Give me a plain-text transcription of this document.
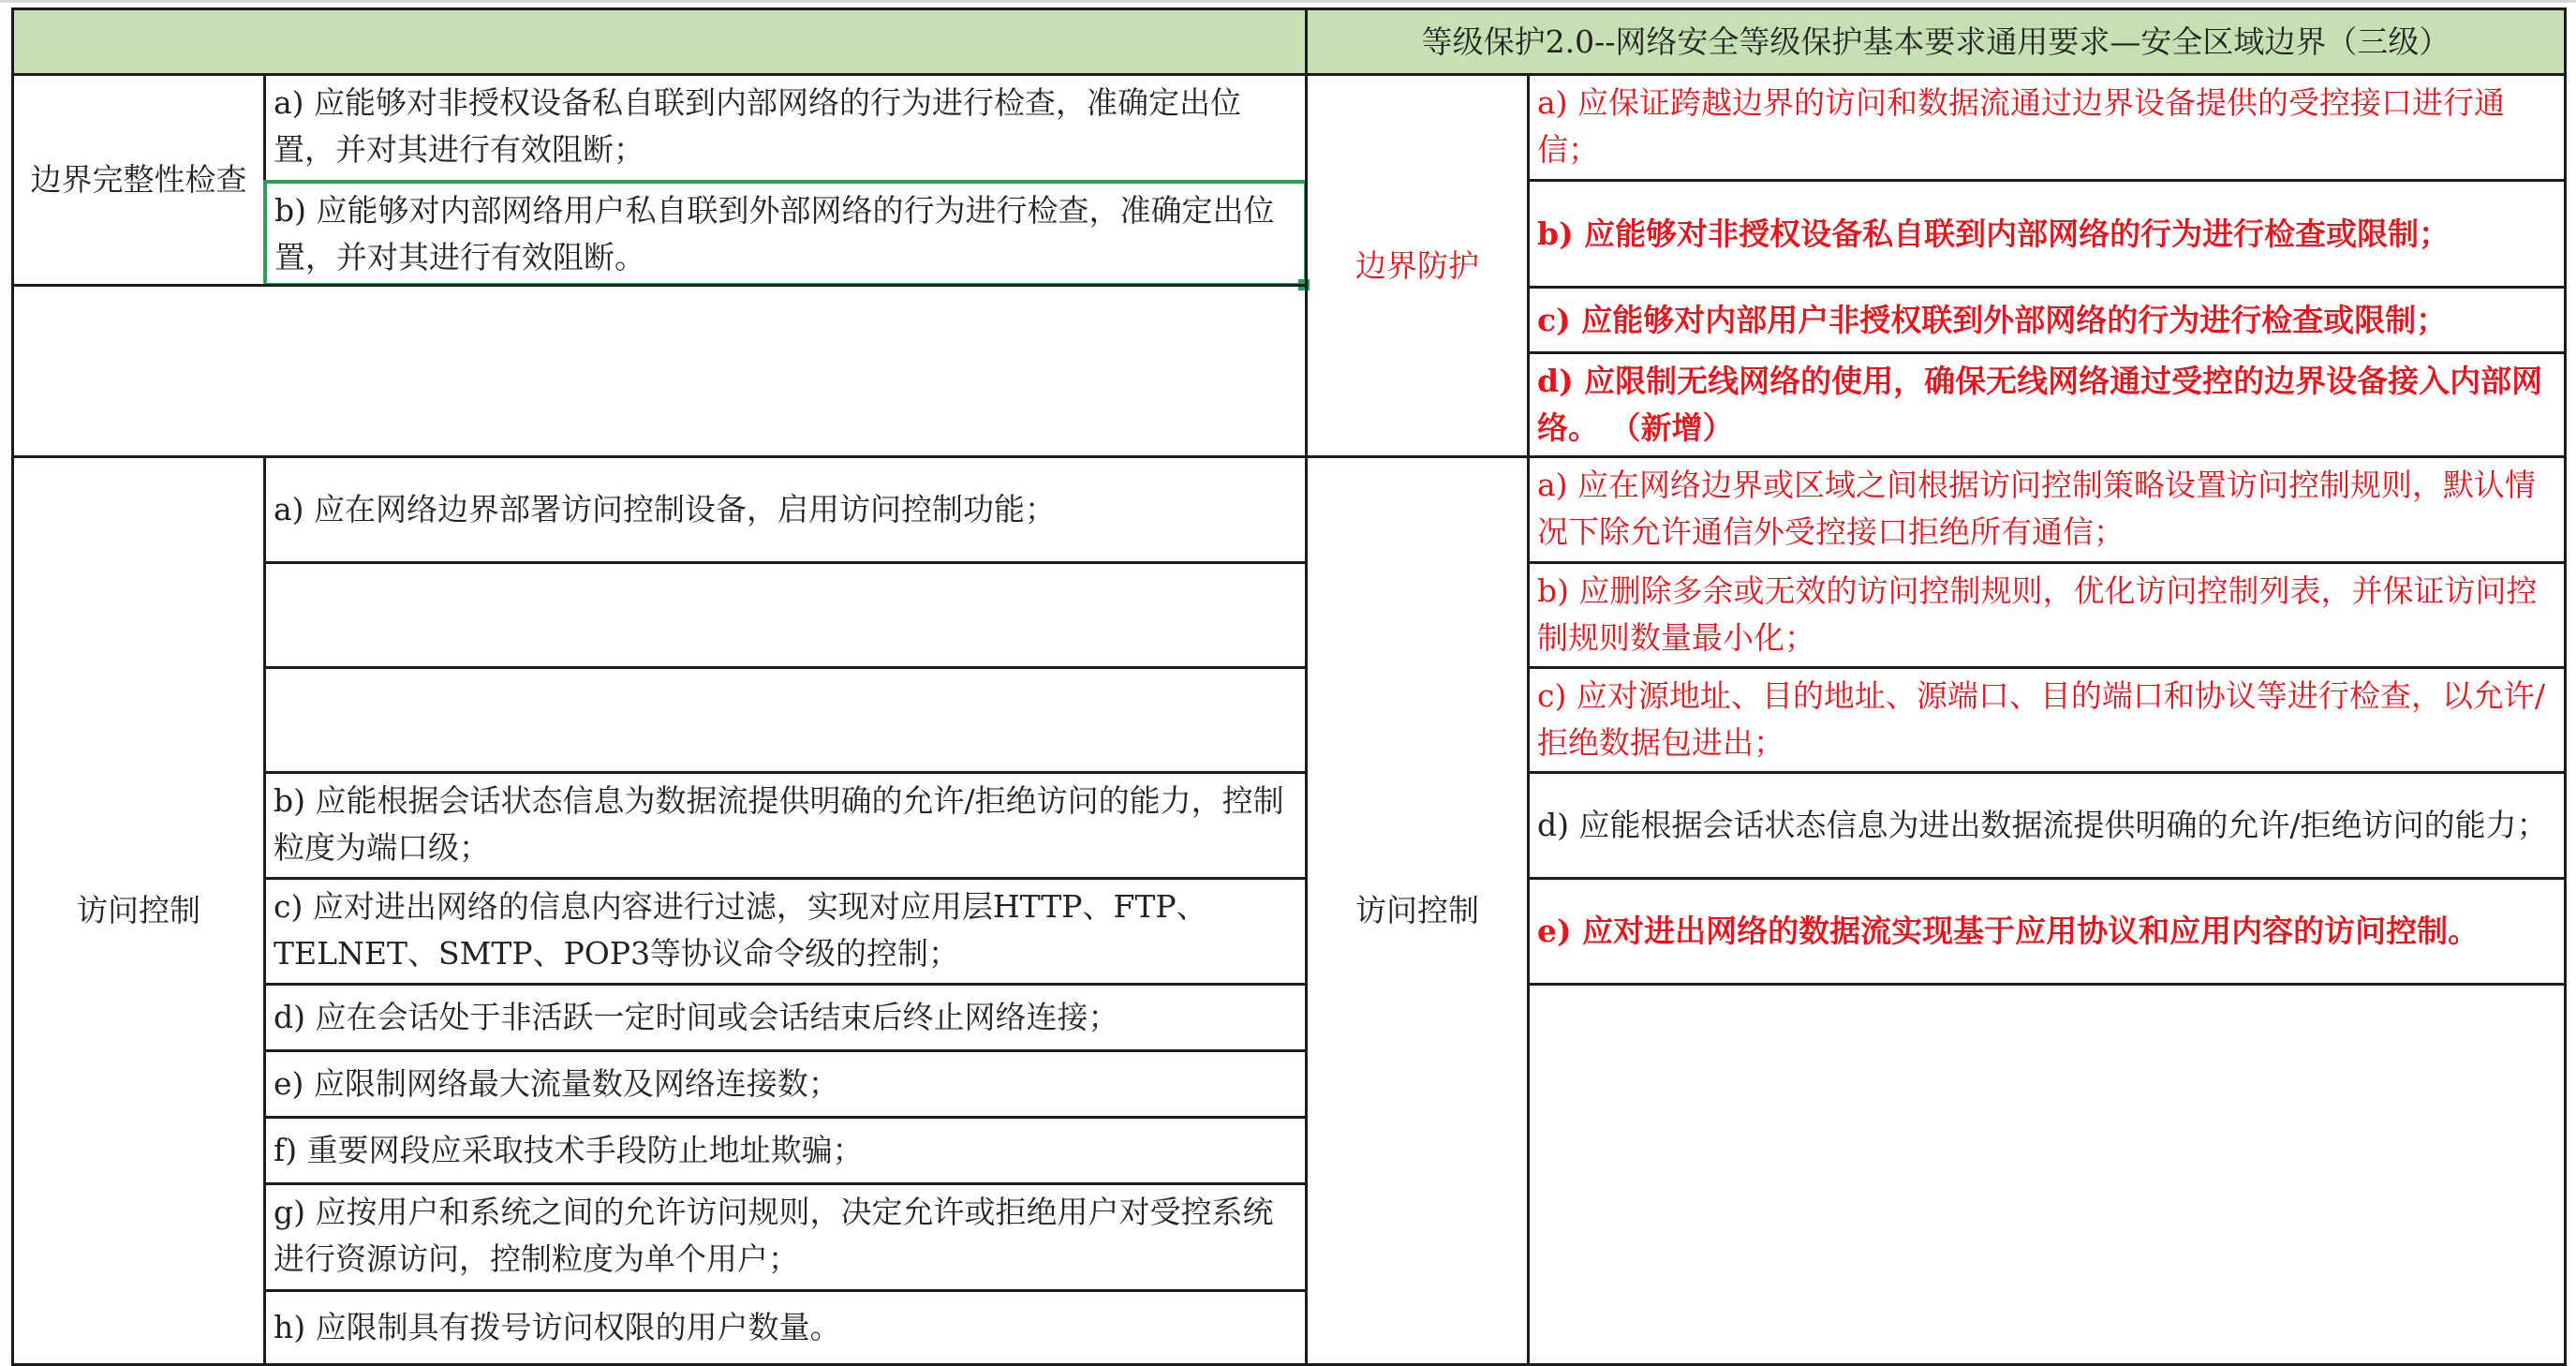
等级保护2.0--网络安全等级保护基本要求通用要求—安全区域边界（三级）
边界完整性检查
a) 应能够对非授权设备私自联到内部网络的行为进行检查，准确定出位置，并对其进行有效阻断；
b) 应能够对内部网络用户私自联到外部网络的行为进行检查，准确定出位置，并对其进行有效阻断。
访问控制
a) 应在网络边界部署访问控制设备，启用访问控制功能；
b) 应能根据会话状态信息为数据流提供明确的允许/拒绝访问的能力，控制粒度为端口级；
c) 应对进出网络的信息内容进行过滤，实现对应用层HTTP、FTP、TELNET、SMTP、POP3等协议命令级的控制；
d) 应在会话处于非活跃一定时间或会话结束后终止网络连接；
e) 应限制网络最大流量数及网络连接数；
f) 重要网段应采取技术手段防止地址欺骗；
g) 应按用户和系统之间的允许访问规则，决定允许或拒绝用户对受控系统进行资源访问，控制粒度为单个用户；
h) 应限制具有拨号访问权限的用户数量。
边界防护
a) 应保证跨越边界的访问和数据流通过边界设备提供的受控接口进行通信；
b) 应能够对非授权设备私自联到内部网络的行为进行检查或限制；
c) 应能够对内部用户非授权联到外部网络的行为进行检查或限制；
d) 应限制无线网络的使用，确保无线网络通过受控的边界设备接入内部网络。 （新增）
访问控制
a) 应在网络边界或区域之间根据访问控制策略设置访问控制规则，默认情况下除允许通信外受控接口拒绝所有通信；
b) 应删除多余或无效的访问控制规则，优化访问控制列表，并保证访问控制规则数量最小化；
c) 应对源地址、目的地址、源端口、目的端口和协议等进行检查，以允许/拒绝数据包进出；
d) 应能根据会话状态信息为进出数据流提供明确的允许/拒绝访问的能力；
e) 应对进出网络的数据流实现基于应用协议和应用内容的访问控制。
